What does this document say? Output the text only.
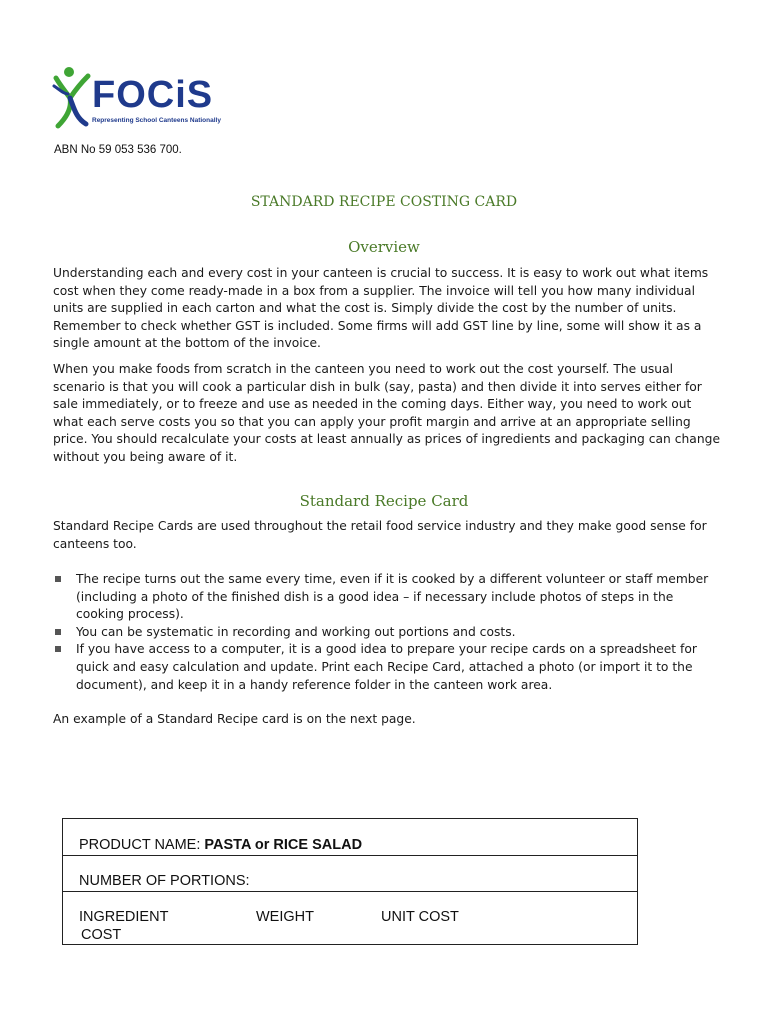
FOCiS
Representing School Canteens Nationally
ABN No 59 053 536 700.
STANDARD RECIPE COSTING CARD
Overview

Understanding each and every cost in your canteen is crucial to success. It is easy to work out what items cost when they come ready-made in a box from a supplier. The invoice will tell you how many individual units are supplied in each carton and what the cost is. Simply divide the cost by the number of units. Remember to check whether GST is included. Some firms will add GST line by line, some will show it as a single amount at the bottom of the invoice.

When you make foods from scratch in the canteen you need to work out the cost yourself. The usual scenario is that you will cook a particular dish in bulk (say, pasta) and then divide it into serves either for sale immediately, or to freeze and use as needed in the coming days. Either way, you need to work out what each serve costs you so that you can apply your profit margin and arrive at an appropriate selling price. You should recalculate your costs at least annually as prices of ingredients and packaging can change without you being aware of it.

Standard Recipe Card

Standard Recipe Cards are used throughout the retail food service industry and they make good sense for canteens too.

The recipe turns out the same every time, even if it is cooked by a different volunteer or staff member (including a photo of the finished dish is a good idea – if necessary include photos of steps in the cooking process).
You can be systematic in recording and working out portions and costs.
If you have access to a computer, it is a good idea to prepare your recipe cards on a spreadsheet for quick and easy calculation and update. Print each Recipe Card, attached a photo (or import it to the document), and keep it in a handy reference folder in the canteen work area.

An example of a Standard Recipe card is on the next page.

PRODUCT NAME: PASTA or RICE SALAD
NUMBER OF PORTIONS:
INGREDIENT	WEIGHT	UNIT COST
COST
